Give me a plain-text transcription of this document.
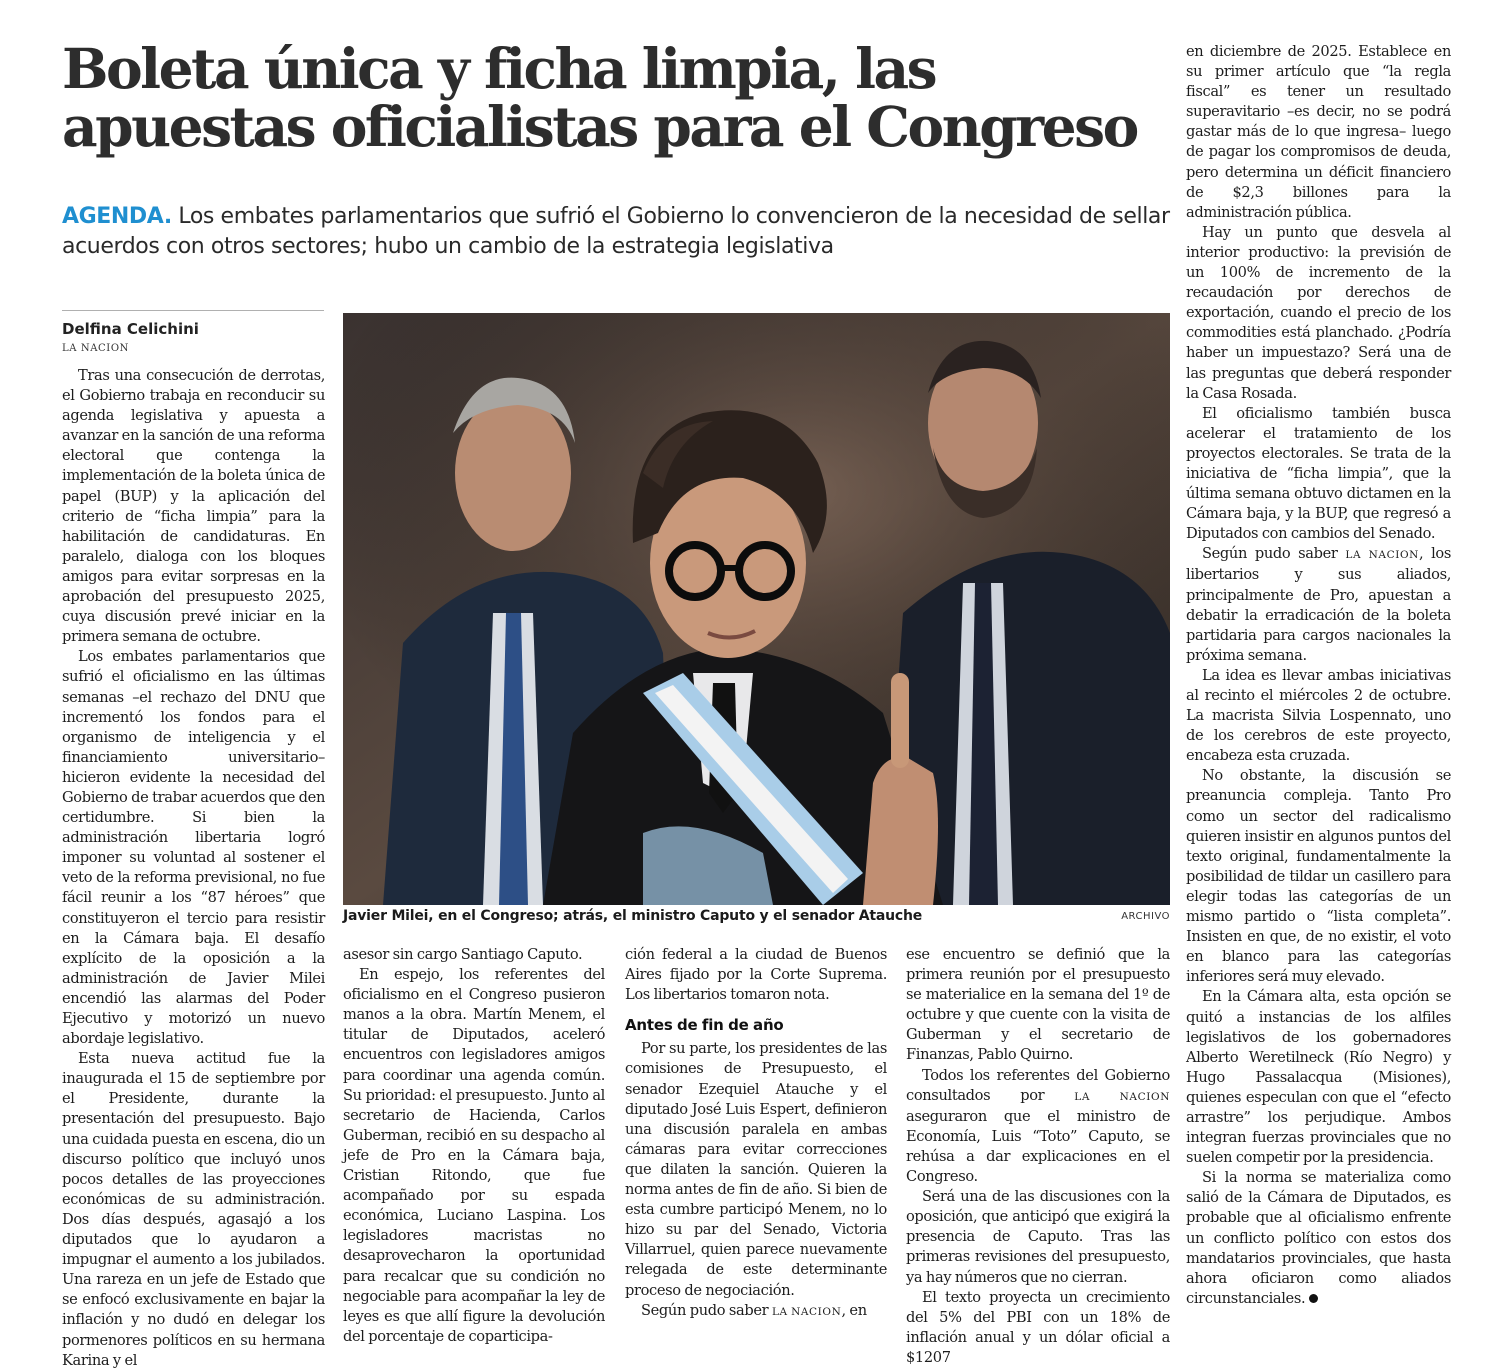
Boleta única y ficha limpia, las apuestas oficialistas para el Congreso

AGENDA. Los embates parlamentarios que sufrió el Gobierno lo convencieron de la necesidad de sellar acuerdos con otros sectores; hubo un cambio de la estrategia legislativa

Delfina Celichini
LA NACION

Tras una consecución de derrotas, el Gobierno trabaja en reconducir su agenda legislativa y apuesta a avanzar en la sanción de una reforma electoral que contenga la implementación de la boleta única de papel (BUP) y la aplicación del criterio de “ficha limpia” para la habilitación de candidaturas. En paralelo, dialoga con los bloques amigos para evitar sorpresas en la aprobación del presupuesto 2025, cuya discusión prevé iniciar en la primera semana de octubre.

Los embates parlamentarios que sufrió el oficialismo en las últimas semanas –el rechazo del DNU que incrementó los fondos para el organismo de inteligencia y el financiamiento universitario– hicieron evidente la necesidad del Gobierno de trabar acuerdos que den certidumbre. Si bien la administración libertaria logró imponer su voluntad al sostener el veto de la reforma previsional, no fue fácil reunir a los “87 héroes” que constituyeron el tercio para resistir en la Cámara baja. El desafío explícito de la oposición a la administración de Javier Milei encendió las alarmas del Poder Ejecutivo y motorizó un nuevo abordaje legislativo.

Esta nueva actitud fue la inaugurada el 15 de septiembre por el Presidente, durante la presentación del presupuesto. Bajo una cuidada puesta en escena, dio un discurso político que incluyó unos pocos detalles de las proyecciones económicas de su administración. Dos días después, agasajó a los diputados que lo ayudaron a impugnar el aumento a los jubilados. Una rareza en un jefe de Estado que se enfocó exclusivamente en bajar la inflación y no dudó en delegar los pormenores políticos en su hermana Karina y el

Javier Milei, en el Congreso; atrás, el ministro Caputo y el senador Atauche	ARCHIVO

asesor sin cargo Santiago Caputo.

En espejo, los referentes del oficialismo en el Congreso pusieron manos a la obra. Martín Menem, el titular de Diputados, aceleró encuentros con legisladores amigos para coordinar una agenda común. Su prioridad: el presupuesto. Junto al secretario de Hacienda, Carlos Guberman, recibió en su despacho al jefe de Pro en la Cámara baja, Cristian Ritondo, que fue acompañado por su espada económica, Luciano Laspina. Los legisladores macristas no desaprovecharon la oportunidad para recalcar que su condición no negociable para acompañar la ley de leyes es que allí figure la devolución del porcentaje de coparticipa-

ción federal a la ciudad de Buenos Aires fijado por la Corte Suprema. Los libertarios tomaron nota.

Antes de fin de año

Por su parte, los presidentes de las comisiones de Presupuesto, el senador Ezequiel Atauche y el diputado José Luis Espert, definieron una discusión paralela en ambas cámaras para evitar correcciones que dilaten la sanción. Quieren la norma antes de fin de año. Si bien de esta cumbre participó Menem, no lo hizo su par del Senado, Victoria Villarruel, quien parece nuevamente relegada de este determinante proceso de negociación.

Según pudo saber LA NACION, en

ese encuentro se definió que la primera reunión por el presupuesto se materialice en la semana del 1º de octubre y que cuente con la visita de Guberman y el secretario de Finanzas, Pablo Quirno.

Todos los referentes del Gobierno consultados por	LA NACION aseguraron que el ministro de Economía, Luis “Toto” Caputo, se rehúsa a dar explicaciones en el Congreso.

Será una de las discusiones con la oposición, que anticipó que exigirá la presencia de Caputo. Tras las primeras revisiones del presupuesto, ya hay números que no cierran.

El texto proyecta un crecimiento del 5% del PBI con un 18% de inflación anual y un dólar oficial a $1207

en diciembre de 2025. Establece en su primer artículo que “la regla fiscal” es tener un resultado superavitario –es decir, no se podrá gastar más de lo que ingresa– luego de pagar los compromisos de deuda, pero determina un déficit financiero de $2,3 billones para la administración pública.

Hay un punto que desvela al interior productivo: la previsión de un 100% de incremento de la recaudación por derechos de exportación, cuando el precio de los commodities está planchado. ¿Podría haber un impuestazo? Será una de las preguntas que deberá responder la Casa Rosada.

El oficialismo también busca acelerar el tratamiento de los proyectos electorales. Se trata de la iniciativa de “ficha limpia”, que la última semana obtuvo dictamen en la Cámara baja, y la BUP, que regresó a Diputados con cambios del Senado.

Según pudo saber LA NACION, los libertarios y sus aliados, principalmente de Pro, apuestan a debatir la erradicación de la boleta partidaria para cargos nacionales la próxima semana.

La idea es llevar ambas iniciativas al recinto el miércoles 2 de octubre. La macrista Silvia Lospennato, uno de los cerebros de este proyecto, encabeza esta cruzada.

No obstante, la discusión se preanuncia compleja. Tanto Pro como un sector del radicalismo quieren insistir en algunos puntos del texto original, fundamentalmente la posibilidad de tildar un casillero para elegir todas las categorías de un mismo partido o “lista completa”. Insisten en que, de no existir, el voto en blanco para las categorías inferiores será muy elevado.

En la Cámara alta, esta opción se quitó a instancias de los alfiles legislativos de los gobernadores Alberto Weretilneck (Río Negro) y Hugo Passalacqua (Misiones), quienes especulan con que el “efecto arrastre” los perjudique. Ambos integran fuerzas provinciales que no suelen competir por la presidencia.

Si la norma se materializa como salió de la Cámara de Diputados, es probable que al oficialismo enfrente un conflicto político con estos dos mandatarios provinciales, que hasta ahora oficiaron como aliados circunstanciales.
